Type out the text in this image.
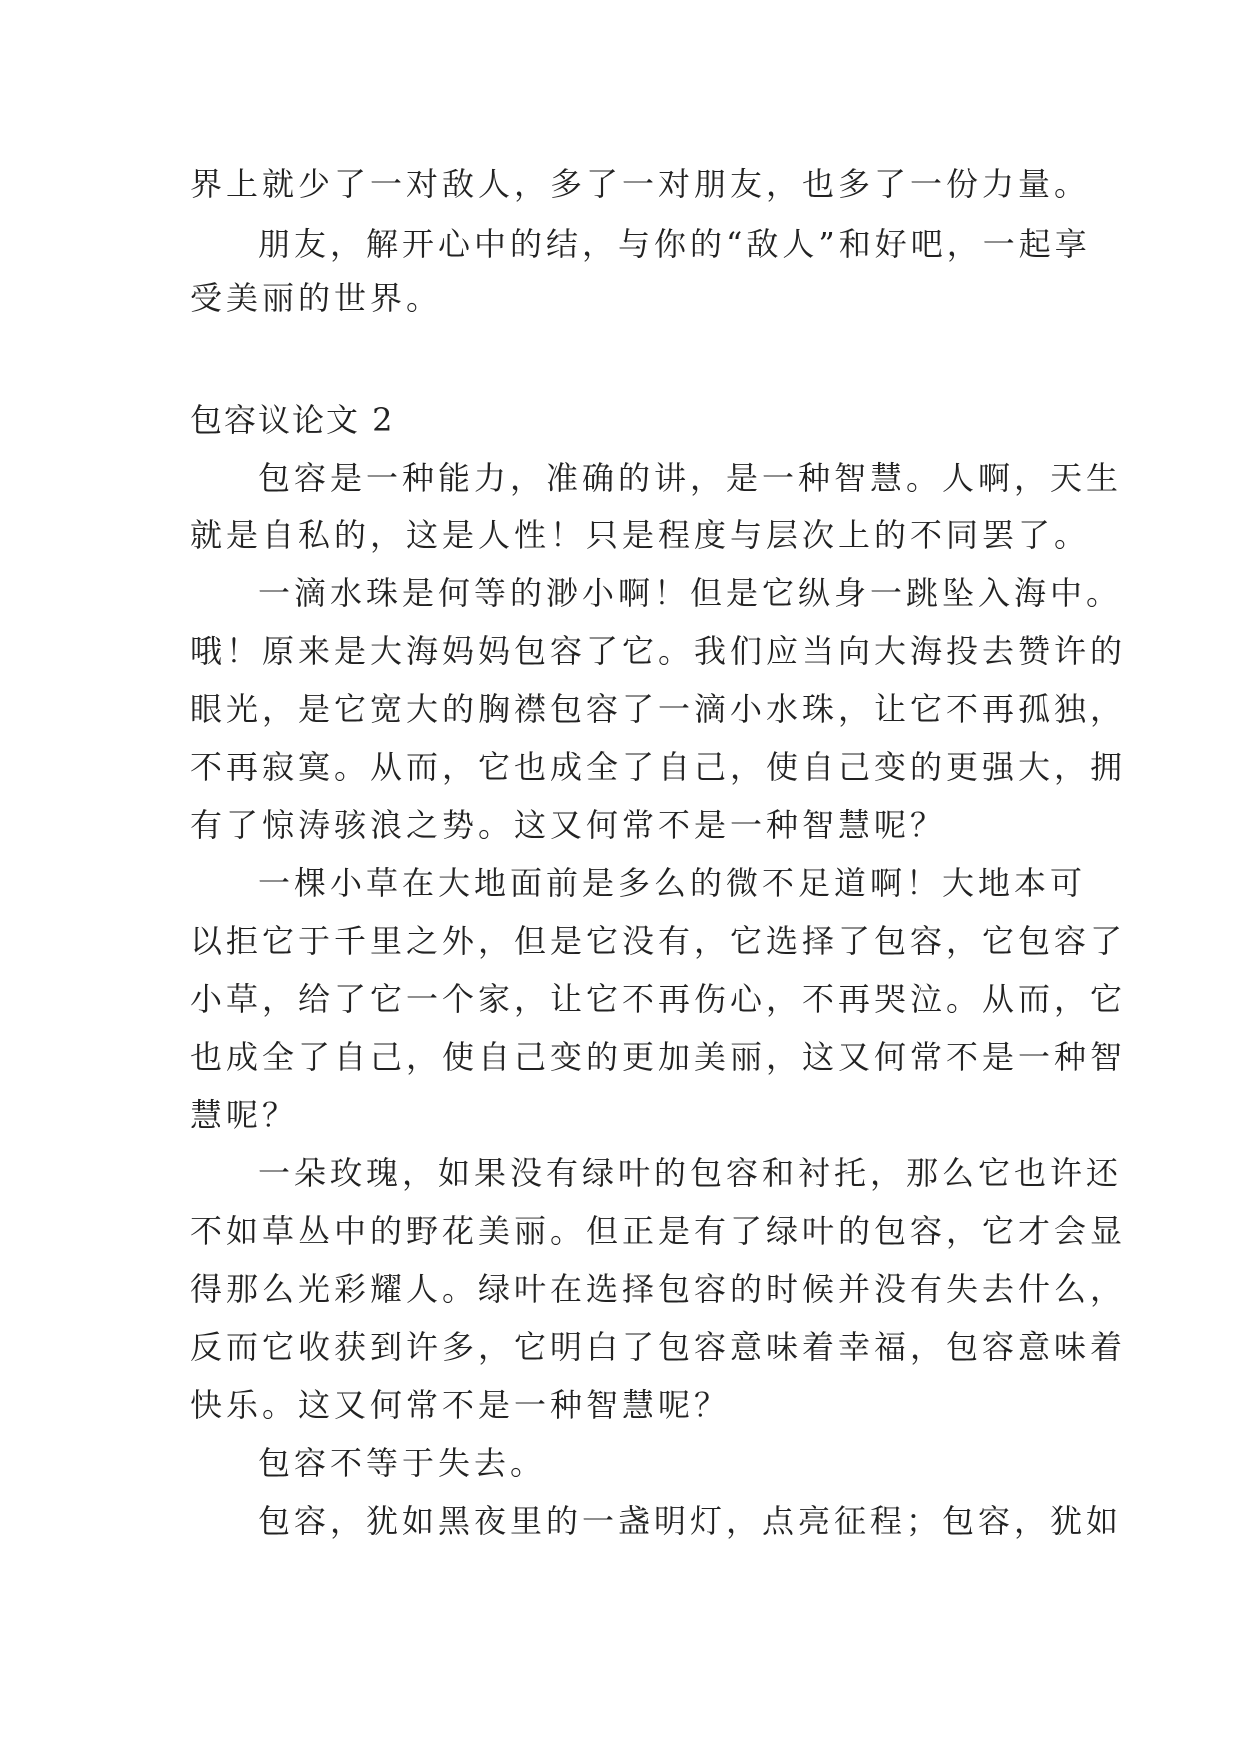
界上就少了一对敌人，多了一对朋友，也多了一份力量。
朋友，解开心中的结，与你的“敌人”和好吧，一起享
受美丽的世界。
包容议论文 2
包容是一种能力，准确的讲，是一种智慧。人啊，天生
就是自私的，这是人性！只是程度与层次上的不同罢了。
一滴水珠是何等的渺小啊！但是它纵身一跳坠入海中。
哦！原来是大海妈妈包容了它。我们应当向大海投去赞许的
眼光，是它宽大的胸襟包容了一滴小水珠，让它不再孤独，
不再寂寞。从而，它也成全了自己，使自己变的更强大，拥
有了惊涛骇浪之势。这又何常不是一种智慧呢？
一棵小草在大地面前是多么的微不足道啊！大地本可
以拒它于千里之外，但是它没有，它选择了包容，它包容了
小草，给了它一个家，让它不再伤心，不再哭泣。从而，它
也成全了自己，使自己变的更加美丽，这又何常不是一种智
慧呢？
一朵玫瑰，如果没有绿叶的包容和衬托，那么它也许还
不如草丛中的野花美丽。但正是有了绿叶的包容，它才会显
得那么光彩耀人。绿叶在选择包容的时候并没有失去什么，
反而它收获到许多，它明白了包容意味着幸福，包容意味着
快乐。这又何常不是一种智慧呢？
包容不等于失去。
包容，犹如黑夜里的一盏明灯，点亮征程；包容，犹如
